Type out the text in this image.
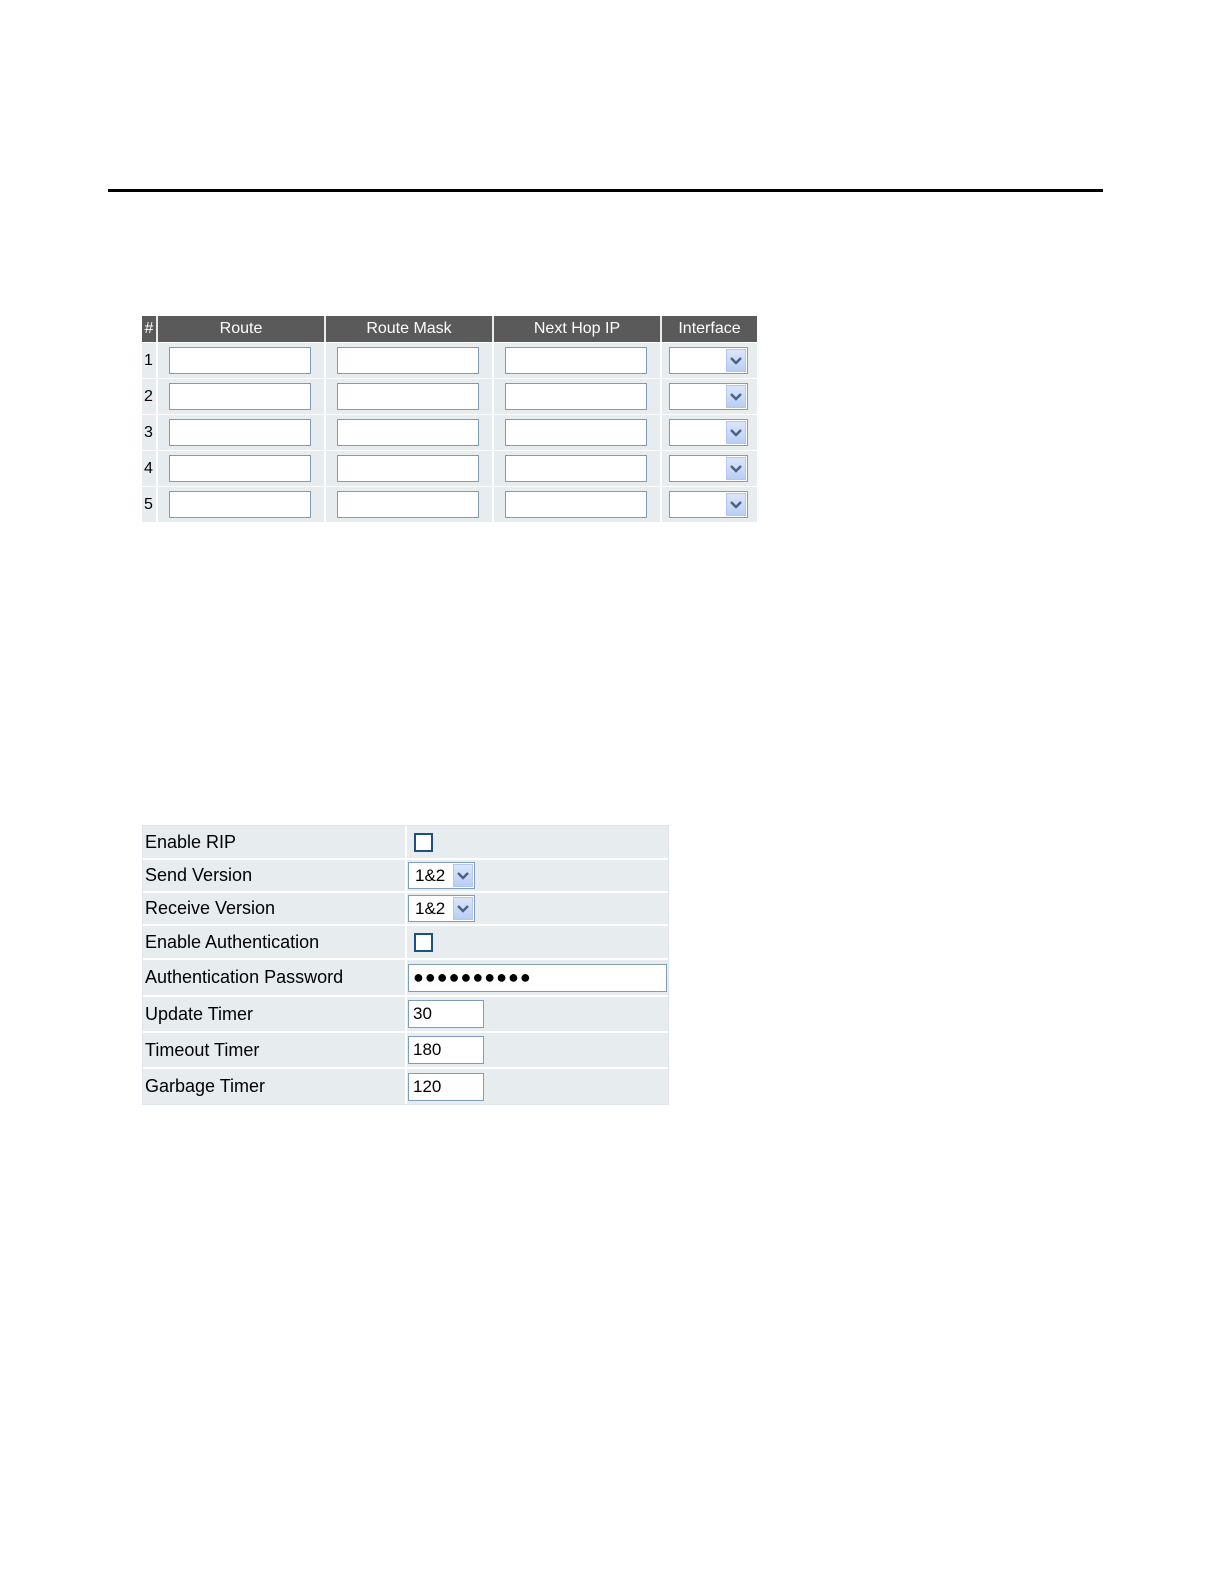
#	Route	Route Mask	Next Hop IP	Interface
1
2
3
4
5
Enable RIP
Send Version	1&2
Receive Version	1&2
Enable Authentication
Authentication Password	●●●●●●●●●●
Update Timer	30
Timeout Timer	180
Garbage Timer	120
